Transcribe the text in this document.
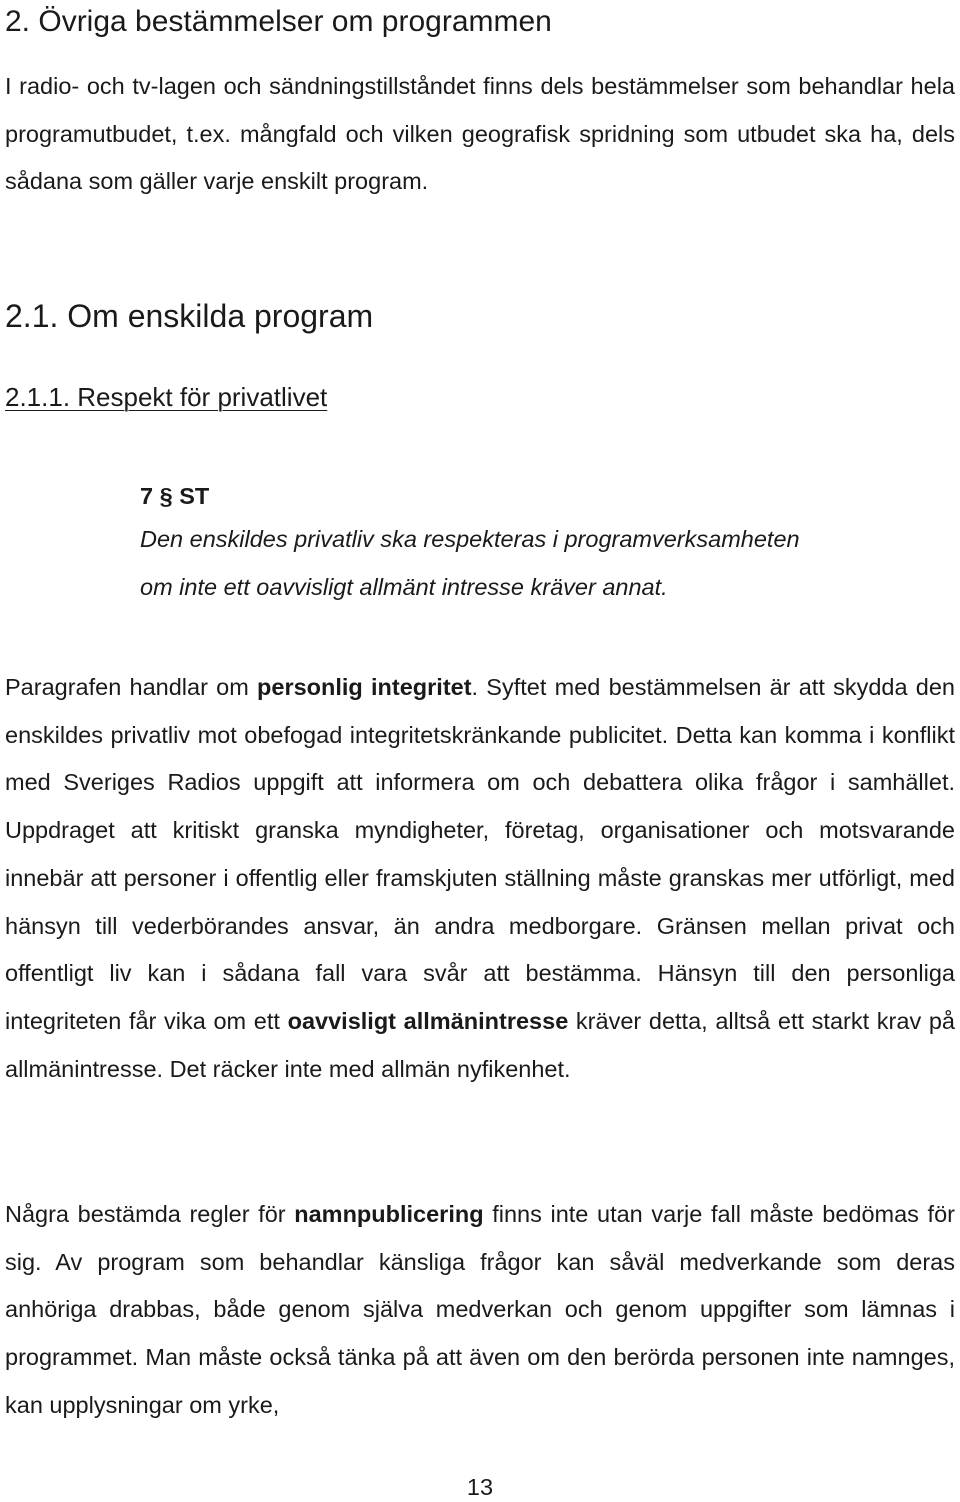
2. Övriga bestämmelser om programmen

I radio- och tv-lagen och sändningstillståndet finns dels bestämmelser som behandlar hela programutbudet, t.ex. mångfald och vilken geografisk spridning som utbudet ska ha, dels sådana som gäller varje enskilt program.

2.1. Om enskilda program
2.1.1. Respekt för privatlivet

7 § ST

Den enskildes privatliv ska respekteras i programverksamheten

om inte ett oavvisligt allmänt intresse kräver annat.

Paragrafen handlar om personlig integritet. Syftet med bestämmelsen är att skydda den enskildes privatliv mot obefogad integritetskränkande publicitet. Detta kan komma i konflikt med Sveriges Radios uppgift att informera om och debattera olika frågor i samhället. Uppdraget att kritiskt granska myndigheter, företag, organisationer och motsvarande innebär att personer i offentlig eller framskjuten ställning måste granskas mer utförligt, med hänsyn till vederbörandes ansvar, än andra medborgare. Gränsen mellan privat och offentligt liv kan i sådana fall vara svår att bestämma. Hänsyn till den personliga integriteten får vika om ett oavvisligt allmänintresse kräver detta, alltså ett starkt krav på allmänintresse. Det räcker inte med allmän nyfikenhet.

Några bestämda regler för namnpublicering finns inte utan varje fall måste bedömas för sig. Av program som behandlar känsliga frågor kan såväl medverkande som deras anhöriga drabbas, både genom själva medverkan och genom uppgifter som lämnas i programmet. Man måste också tänka på att även om den berörda personen inte namnges, kan upplysningar om yrke,

13
